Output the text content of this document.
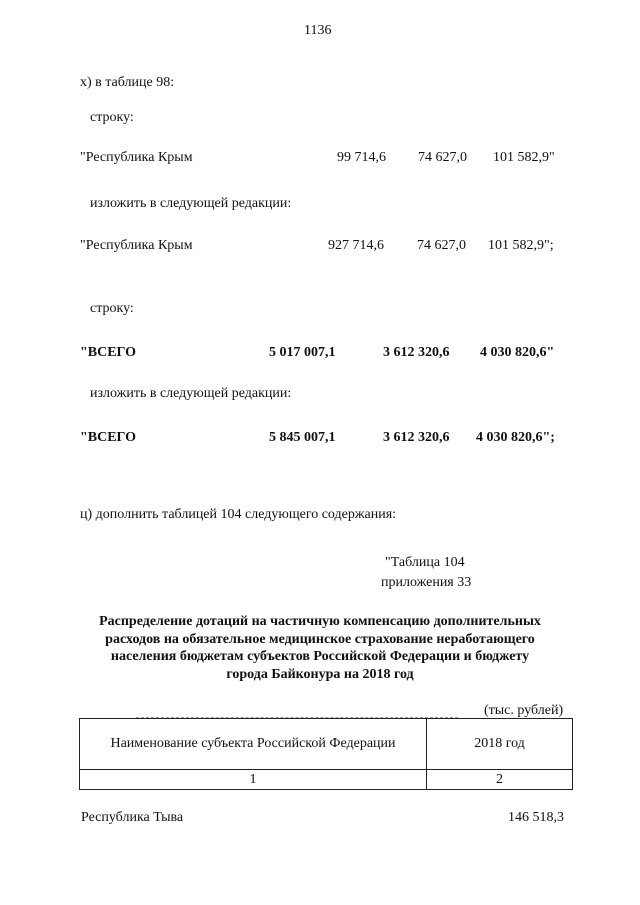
1136
х) в таблице 98:
строку:
"Республика Крым	99 714,6 74 627,0 101 582,9"
изложить в следующей редакции:
"Республика Крым	927 714,6 74 627,0 101 582,9";
строку:
"ВСЕГО	5 017 007,1	3 612 320,6 4 030 820,6"
изложить в следующей редакции:
"ВСЕГО	5 845 007,1	3 612 320,6 4 030 820,6";
ц) дополнить таблицей 104 следующего содержания:
"Таблица 104
приложения 33
Распределение дотаций на частичную компенсацию дополнительных
расходов на обязательное медицинское страхование неработающего
населения бюджетам субъектов Российской Федерации и бюджету
города Байконура на 2018 год
(тыс. рублей)
Наименование субъекта Российской Федерации	2018 год
1	2
Республика Тыва	146 518,3
